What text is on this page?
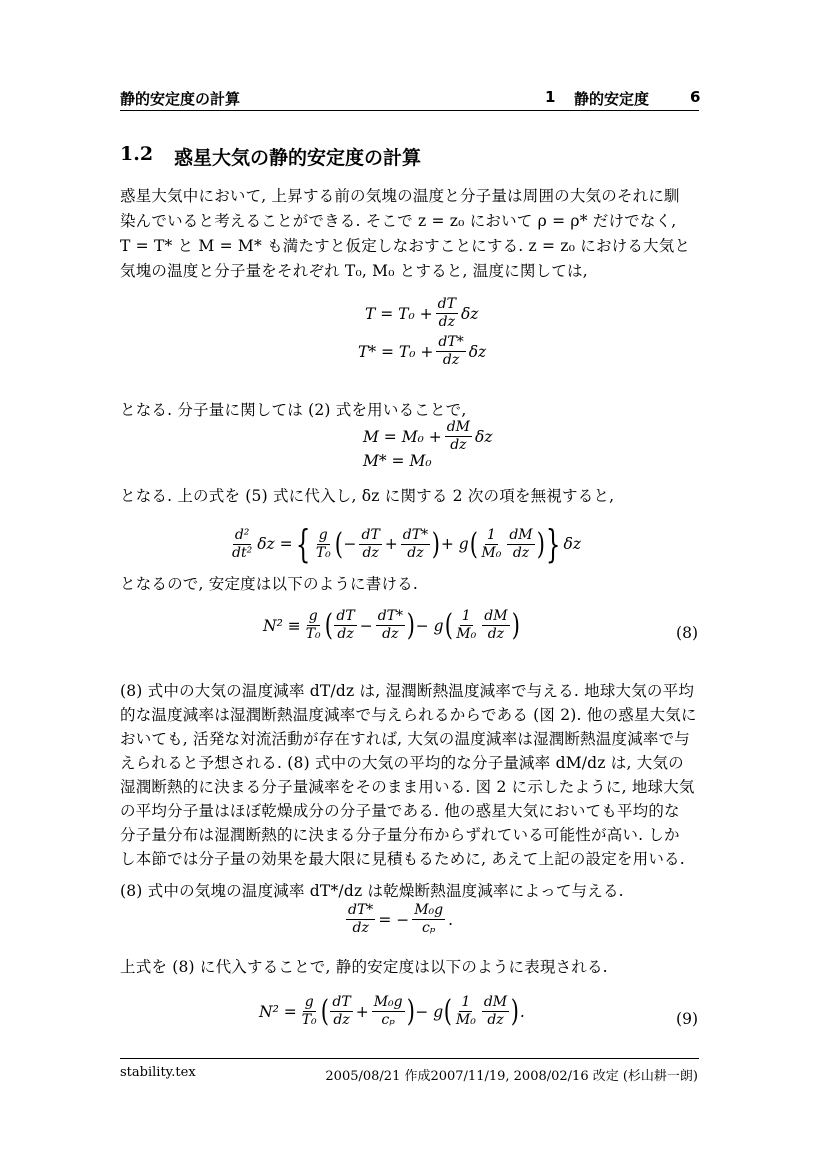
静的安定度の計算	1 静的安定度	6
1.2 惑星大気の静的安定度の計算
惑星大気中において, 上昇する前の気塊の温度と分子量は周囲の大気のそれに馴
染んでいると考えることができる. そこで z = z₀ において ρ = ρ* だけでなく,
T = T* と M = M* も満たすと仮定しなおすことにする. z = z₀ における大気と
気塊の温度と分子量をそれぞれ T₀, M₀ とすると, 温度に関しては,
$T = T_0 + \frac{dT}{dz}$ δz
$T* = T_0 + \frac{dT*}{dz}$ δz
となる. 分子量に関しては (2) 式を用いることで,
$M = M_0 + \frac{dM}{dz}$ δz
M* = M₀
となる. 上の式を (5) 式に代入し, δz に関する 2 次の項を無視すると,
$\frac{\text{d²}}{\text{dt²}}$ δz = { $\frac{g}{\text{T₀}}$ ( − $\frac{dT}{dz} + \frac{dT*}{dz}$ ) + g ( $\frac{1}{\text{M₀}} \frac{dM}{dz}$ ) } δz
となるので, 安定度は以下のように書ける.
$N^2 \equiv \frac{g}{\text{T₀}}$ ( $\frac{dT}{dz} - \frac{dT*}{dz}$ ) − g ( $\frac{1}{\text{M₀}} \frac{dM}{dz}$ )	(8)
(8) 式中の大気の温度減率 dT/dz は, 湿潤断熱温度減率で与える. 地球大気の平均
的な温度減率は湿潤断熱温度減率で与えられるからである (図 2). 他の惑星大気に
おいても, 活発な対流活動が存在すれば, 大気の温度減率は湿潤断熱温度減率で与
えられると予想される. (8) 式中の大気の平均的な分子量減率 dM/dz は, 大気の
湿潤断熱的に決まる分子量減率をそのまま用いる. 図 2 に示したように, 地球大気
の平均分子量はほぼ乾燥成分の分子量である. 他の惑星大気においても平均的な
分子量分布は湿潤断熱的に決まる分子量分布からずれている可能性が高い. しか
し本節では分子量の効果を最大限に見積もるために, あえて上記の設定を用いる.
(8) 式中の気塊の温度減率 dT*/dz は乾燥断熱温度減率によって与える.
$\frac{dT*}{dz}$ = − $\frac{\text{M₀g}}{\text{cₚ}}$ .
上式を (8) に代入することで, 静的安定度は以下のように表現される.
$N^2 = \frac{g}{\text{T₀}}$ ( $\frac{dT}{dz} + \frac{\text{M₀g}}{\text{cₚ}}$ ) − g ( $\frac{1}{\text{M₀}} \frac{dM}{dz}$ ) .	(9)
stability.tex	2005/08/21 作成2007/11/19, 2008/02/16 改定 (杉山耕一朗)
